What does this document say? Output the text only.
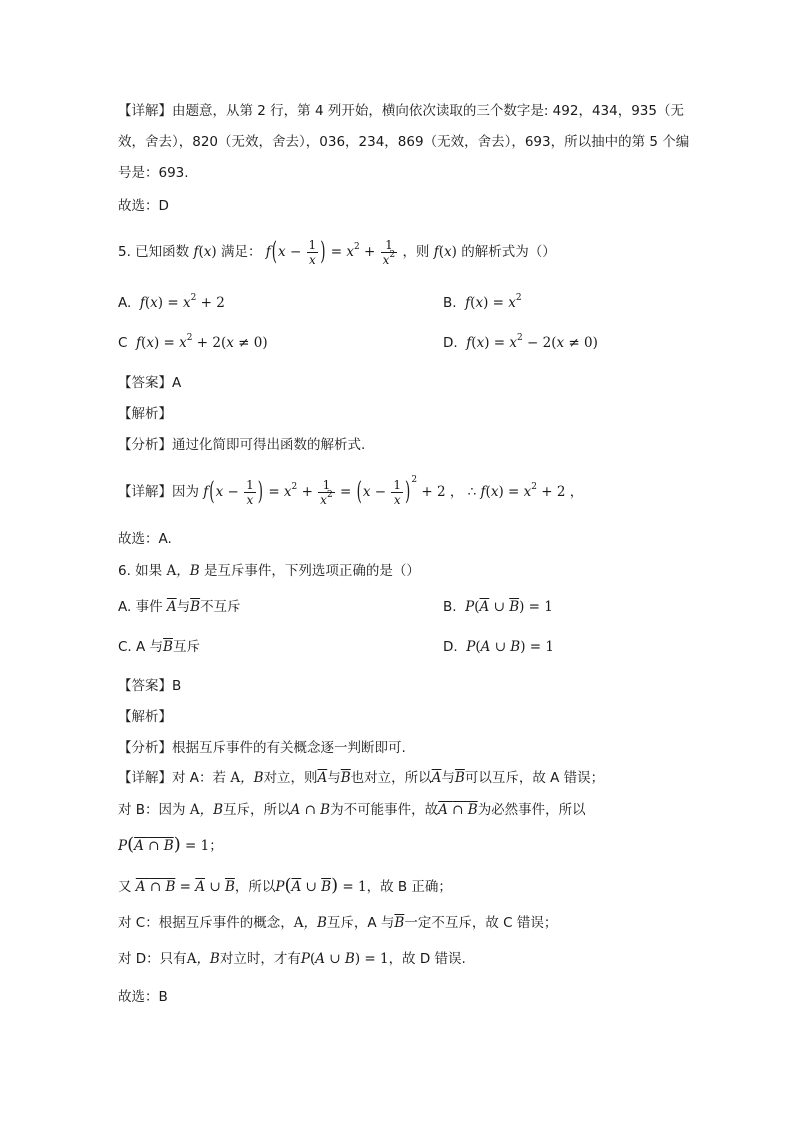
【详解】由题意，从第 2 行，第 4 列开始，横向依次读取的三个数字是: 492，434，935（无
效，舍去），820（无效，舍去），036，234，869（无效，舍去），693，所以抽中的第 5 个编
号是：693.
故选：D
5. 已知函数 f(x) 满足： $f(x - \frac{1}{x}$ ) = $x^2 + \frac{1}{x^2}$ ，则 f(x) 的解析式为（）
A. $f(x) = x^2 + 2$	B. $f(x) = x^2$
C $f(x) = x^2 + 2(x \ne 0)$	D. $f(x) = x^2 - 2(x \ne 0)$
【答案】A
【解析】
【分析】通过化简即可得出函数的解析式.
【详解】因为 $f(x - \frac{1}{x}$ ) = $x^2 + \frac{1}{x^2} = (x - \frac{1}{x} )^2 + 2$ ， ∴ $f(x) = x^2 + 2$ ，
故选：A.
6. 如果 A，B 是互斥事件，下列选项正确的是（）
A. 事件 $\overline{A}$与$\overline{B}$不互斥	B. $P(\overline{A}$ ∪ $\overline{B}) = 1$
C. A 与$\overline{B}$互斥	D. P(A ∪ B) = 1
【答案】B
【解析】
【分析】根据互斥事件的有关概念逐一判断即可.
【详解】对 A：若 A，B对立，则$\overline{A}$与$\overline{B}$也对立，所以$\overline{A}$与$\overline{B}$可以互斥，故 A 错误；
对 B：因为 A，B互斥，所以A ∩ B为不可能事件，故A ∩ B为必然事件，所以
P(A ∩ B) = 1；
又 A ∩ $B = \overline{A}$ ∪ $\overline{B}$，所以$P(\overline{A}$ ∪ $\overline{B}) = 1$，故 B 正确；
对 C：根据互斥事件的概念，A，B互斥，A 与$\overline{B}$一定不互斥，故 C 错误；
对 D：只有A，B对立时，才有P(A ∪ B) = 1，故 D 错误.
故选：B
